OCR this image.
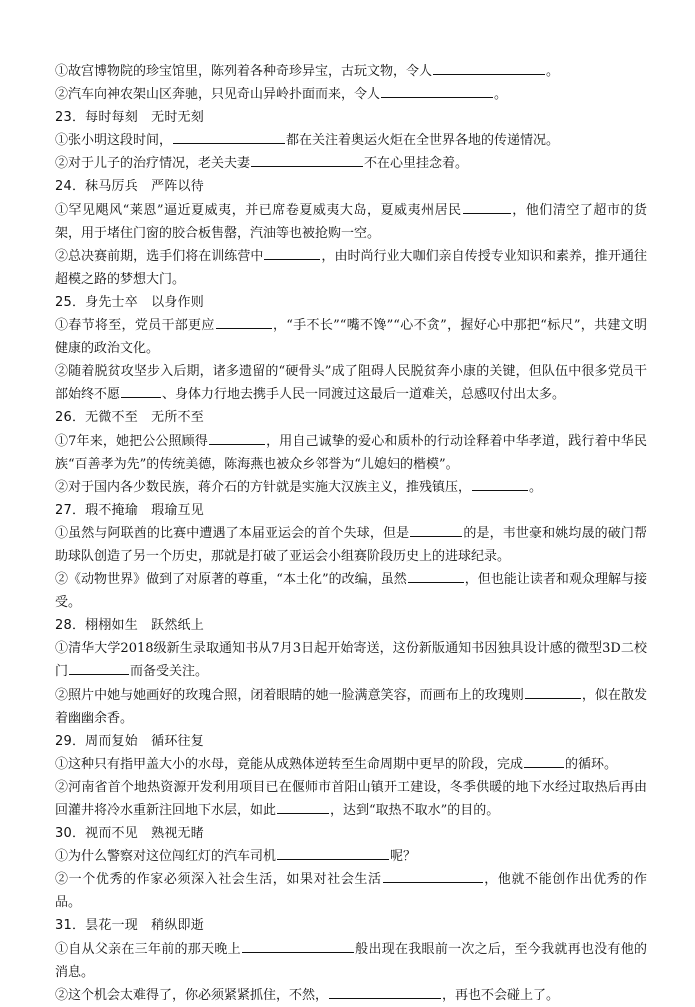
①故宫博物院的珍宝馆里，陈列着各种奇珍异宝，古玩文物，令人	。

②汽车向神农架山区奔驰，只见奇山异岭扑面而来，令人	。

23．每时每刻　无时无刻

①张小明这段时间，	都在关注着奥运火炬在全世界各地的传递情况。

②对于儿子的治疗情况，老关夫妻	不在心里挂念着。

24．秣马厉兵　严阵以待

①罕见飓风“莱恩”逼近夏威夷，并已席卷夏威夷大岛，夏威夷州居民	，他们清空了超市的货架，用于堵住门窗的胶合板售罄，汽油等也被抢购一空。

②总决赛前期，选手们将在训练营中	，由时尚行业大咖们亲自传授专业知识和素养，推开通往超模之路的梦想大门。

25．身先士卒　以身作则

①春节将至，党员干部更应	，“手不长”“嘴不馋”“心不贪”，握好心中那把“标尺”，共建文明健康的政治文化。

②随着脱贫攻坚步入后期，诸多遗留的“硬骨头”成了阻碍人民脱贫奔小康的关键，但队伍中很多党员干部始终不愿	、身体力行地去携手人民一同渡过这最后一道难关，总感叹付出太多。

26．无微不至　无所不至

①7年来，她把公公照顾得	，用自己诚挚的爱心和质朴的行动诠释着中华孝道，践行着中华民族“百善孝为先”的传统美德，陈海燕也被众乡邻誉为“儿媳妇的楷模”。

②对于国内各少数民族，蒋介石的方针就是实施大汉族主义，推残镇压，	。

27．瑕不掩瑜　瑕瑜互见

①虽然与阿联酋的比赛中遭遇了本届亚运会的首个失球，但是	的是，韦世豪和姚均晟的破门帮助球队创造了另一个历史，那就是打破了亚运会小组赛阶段历史上的进球纪录。

②《动物世界》做到了对原著的尊重，“本土化”的改编，虽然	，但也能让读者和观众理解与接受。

28．栩栩如生　跃然纸上

①清华大学2018级新生录取通知书从7月3日起开始寄送，这份新版通知书因独具设计感的微型3D二校门	而备受关注。

②照片中她与她画好的玫瑰合照，闭着眼睛的她一脸满意笑容，而画布上的玫瑰则	，似在散发着幽幽余香。

29．周而复始　循环往复

①这种只有指甲盖大小的水母，竟能从成熟体逆转至生命周期中更早的阶段，完成	的循环。

②河南省首个地热资源开发利用项目已在偃师市首阳山镇开工建设，冬季供暖的地下水经过取热后再由回灌井将冷水重新注回地下水层，如此	，达到“取热不取水”的目的。

30．视而不见　熟视无睹

①为什么警察对这位闯红灯的汽车司机	呢？

②一个优秀的作家必须深入社会生活，如果对社会生活	，他就不能创作出优秀的作品。

31．昙花一现　稍纵即逝

①自从父亲在三年前的那天晚上	般出现在我眼前一次之后，至今我就再也没有他的消息。

②这个机会太难得了，你必须紧紧抓住，不然，	，再也不会碰上了。
